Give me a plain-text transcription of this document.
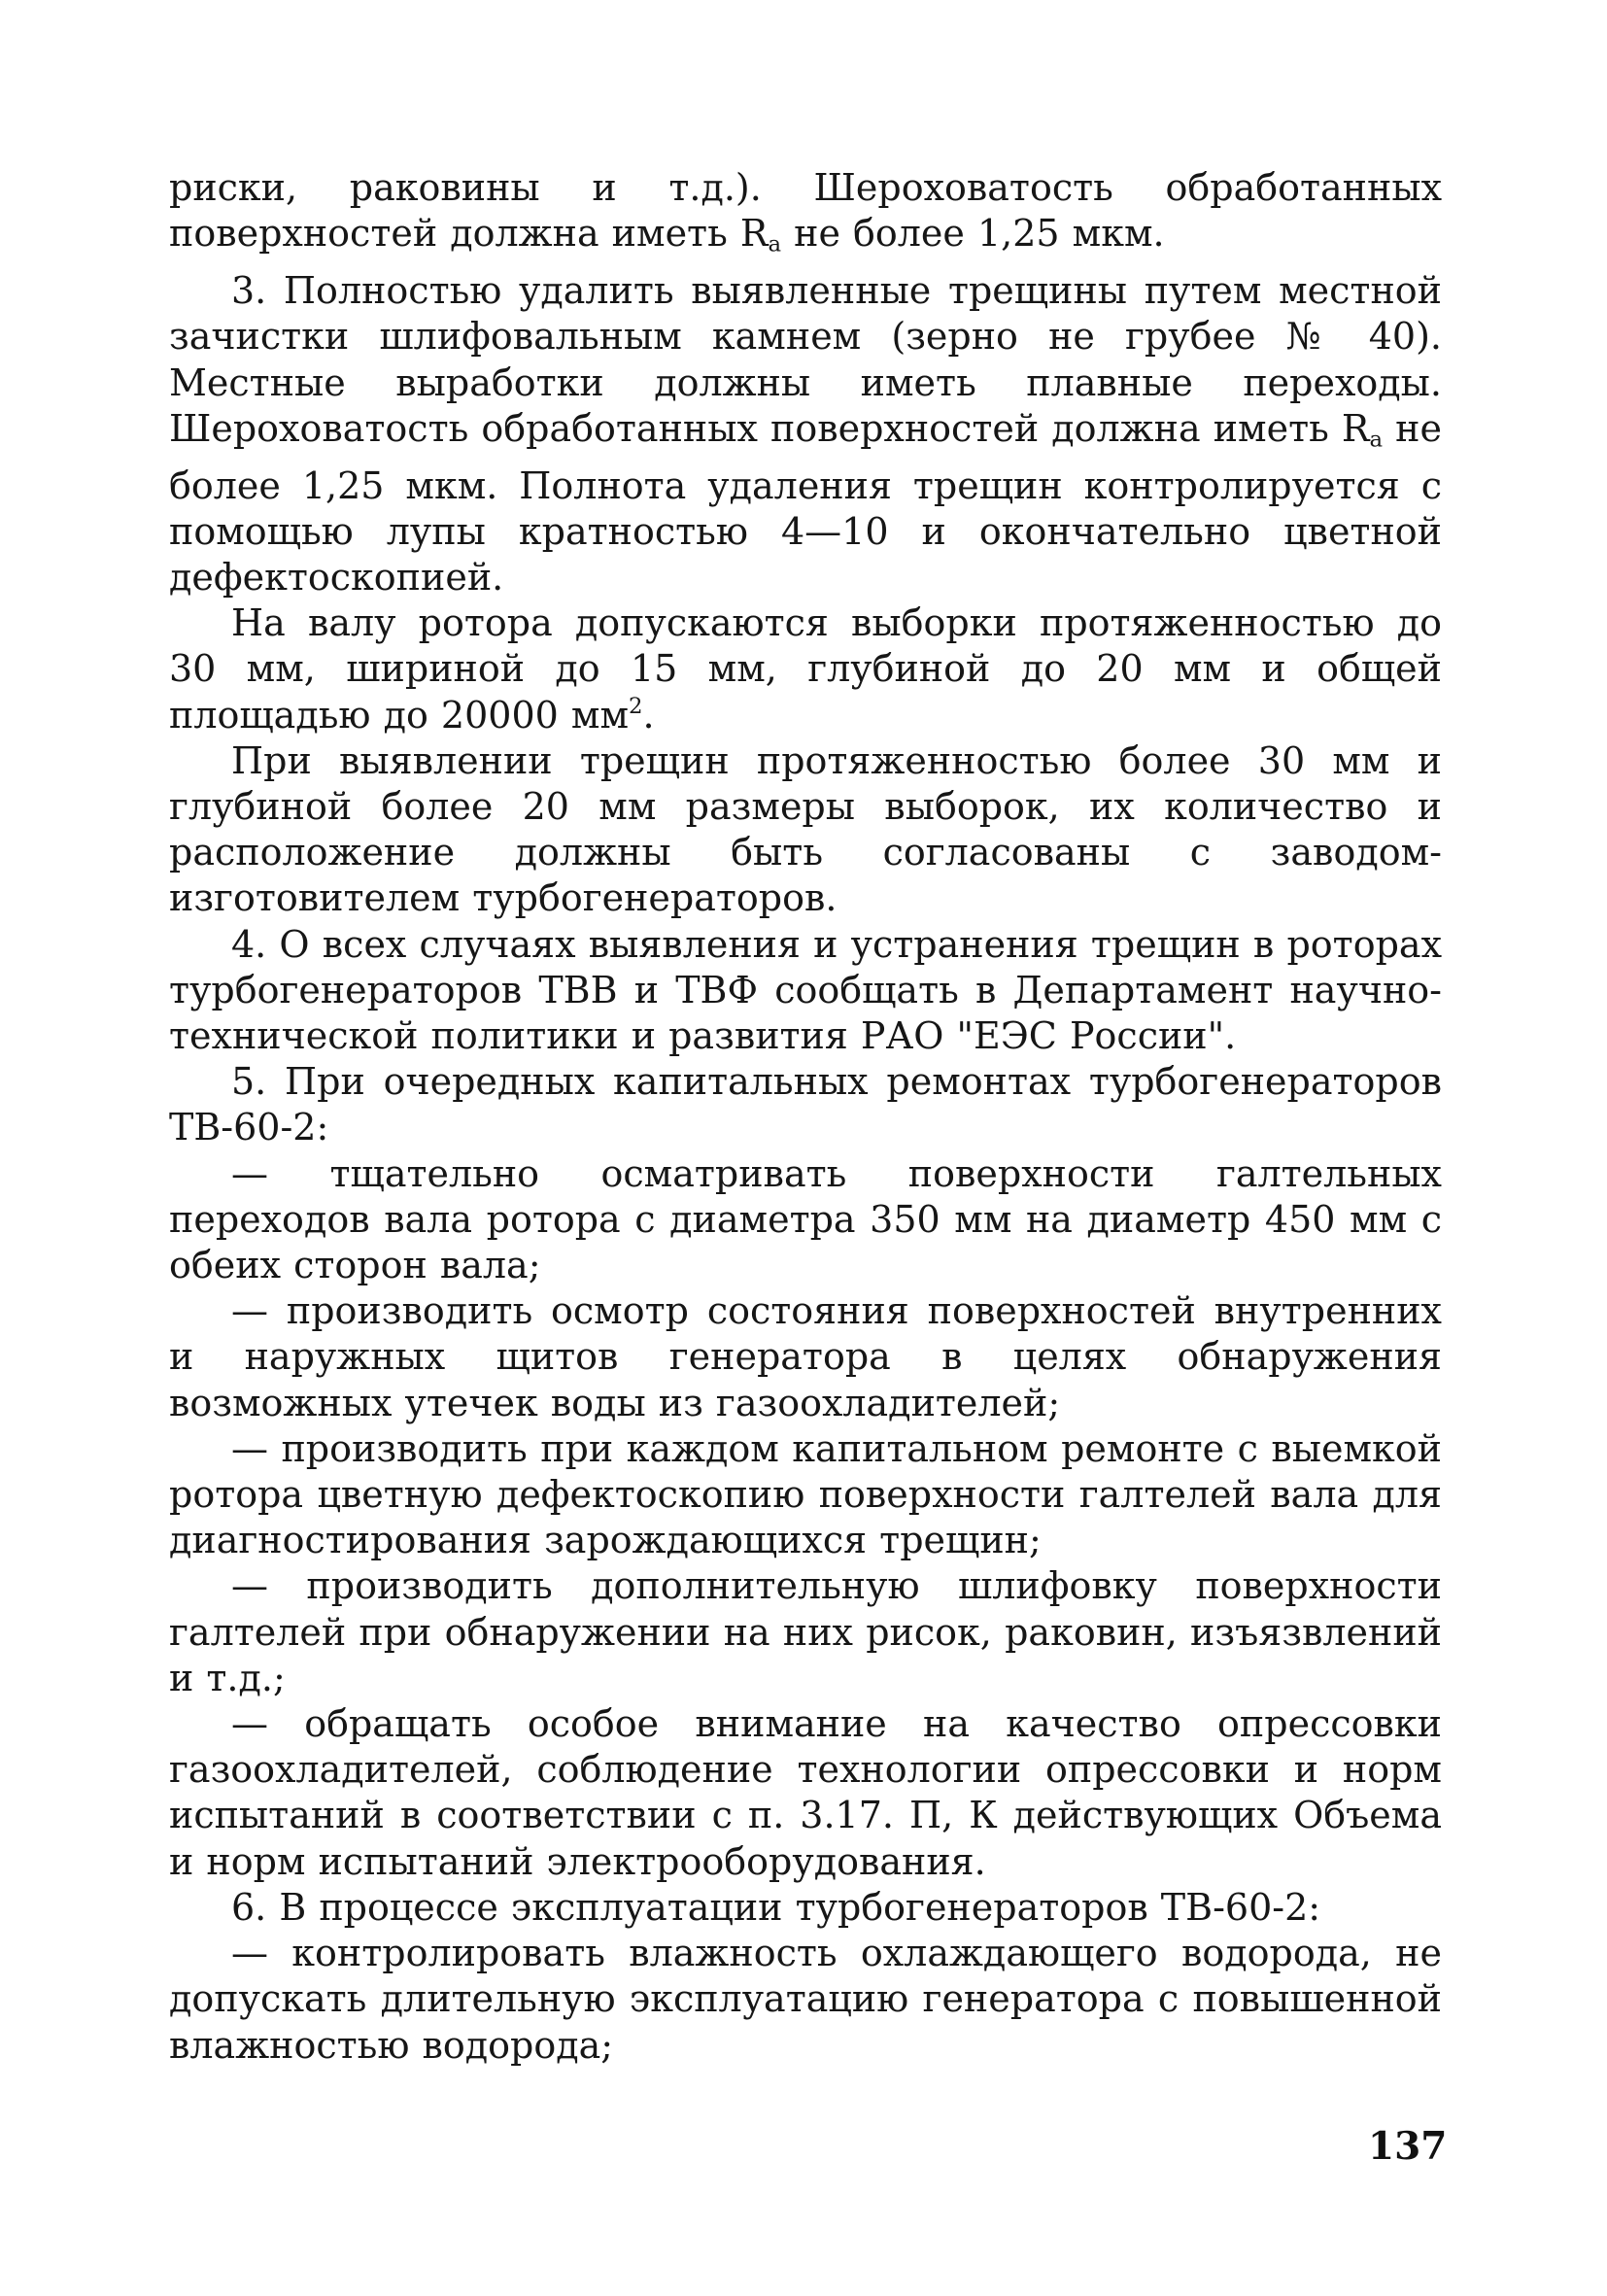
риски, раковины и т.д.). Шероховатость обработанных поверхностей должна иметь $R_a$ не более 1,25 мкм.

3. Полностью удалить выявленные трещины путем местной зачистки шлифовальным камнем (зерно не грубее № 40). Местные выработки должны иметь плавные переходы. Шероховатость обработанных поверхностей должна иметь $R_a$ не более 1,25 мкм. Полнота удаления трещин контролируется с помощью лупы кратностью 4—10 и окончательно цветной дефектоскопией.

На валу ротора допускаются выборки протяженностью до 30 мм, шириной до 15 мм, глубиной до 20 мм и общей площадью до 20000 $мм^2$.

При выявлении трещин протяженностью более 30 мм и глубиной более 20 мм размеры выборок, их количество и расположение должны быть согласованы с заводом-изготовителем турбогенераторов.

4. О всех случаях выявления и устранения трещин в роторах турбогенераторов ТВВ и ТВФ сообщать в Департамент научно-технической политики и развития РАО "ЕЭС России".

5. При очередных капитальных ремонтах турбогенераторов ТВ-60-2:

— тщательно осматривать поверхности галтельных переходов вала ротора с диаметра 350 мм на диаметр 450 мм с обеих сторон вала;

— производить осмотр состояния поверхностей внутренних и наружных щитов генератора в целях обнаружения возможных утечек воды из газоохладителей;

— производить при каждом капитальном ремонте с выемкой ротора цветную дефектоскопию поверхности галтелей вала для диагностирования зарождающихся трещин;

— производить дополнительную шлифовку поверхности галтелей при обнаружении на них рисок, раковин, изъязвлений и т.д.;

— обращать особое внимание на качество опрессовки газоохладителей, соблюдение технологии опрессовки и норм испытаний в соответствии с п. 3.17. П, К действующих Объема и норм испытаний электрооборудования.

6. В процессе эксплуатации турбогенераторов ТВ-60-2:

— контролировать влажность охлаждающего водорода, не допускать длительную эксплуатацию генератора с повышенной влажностью водорода;

137
